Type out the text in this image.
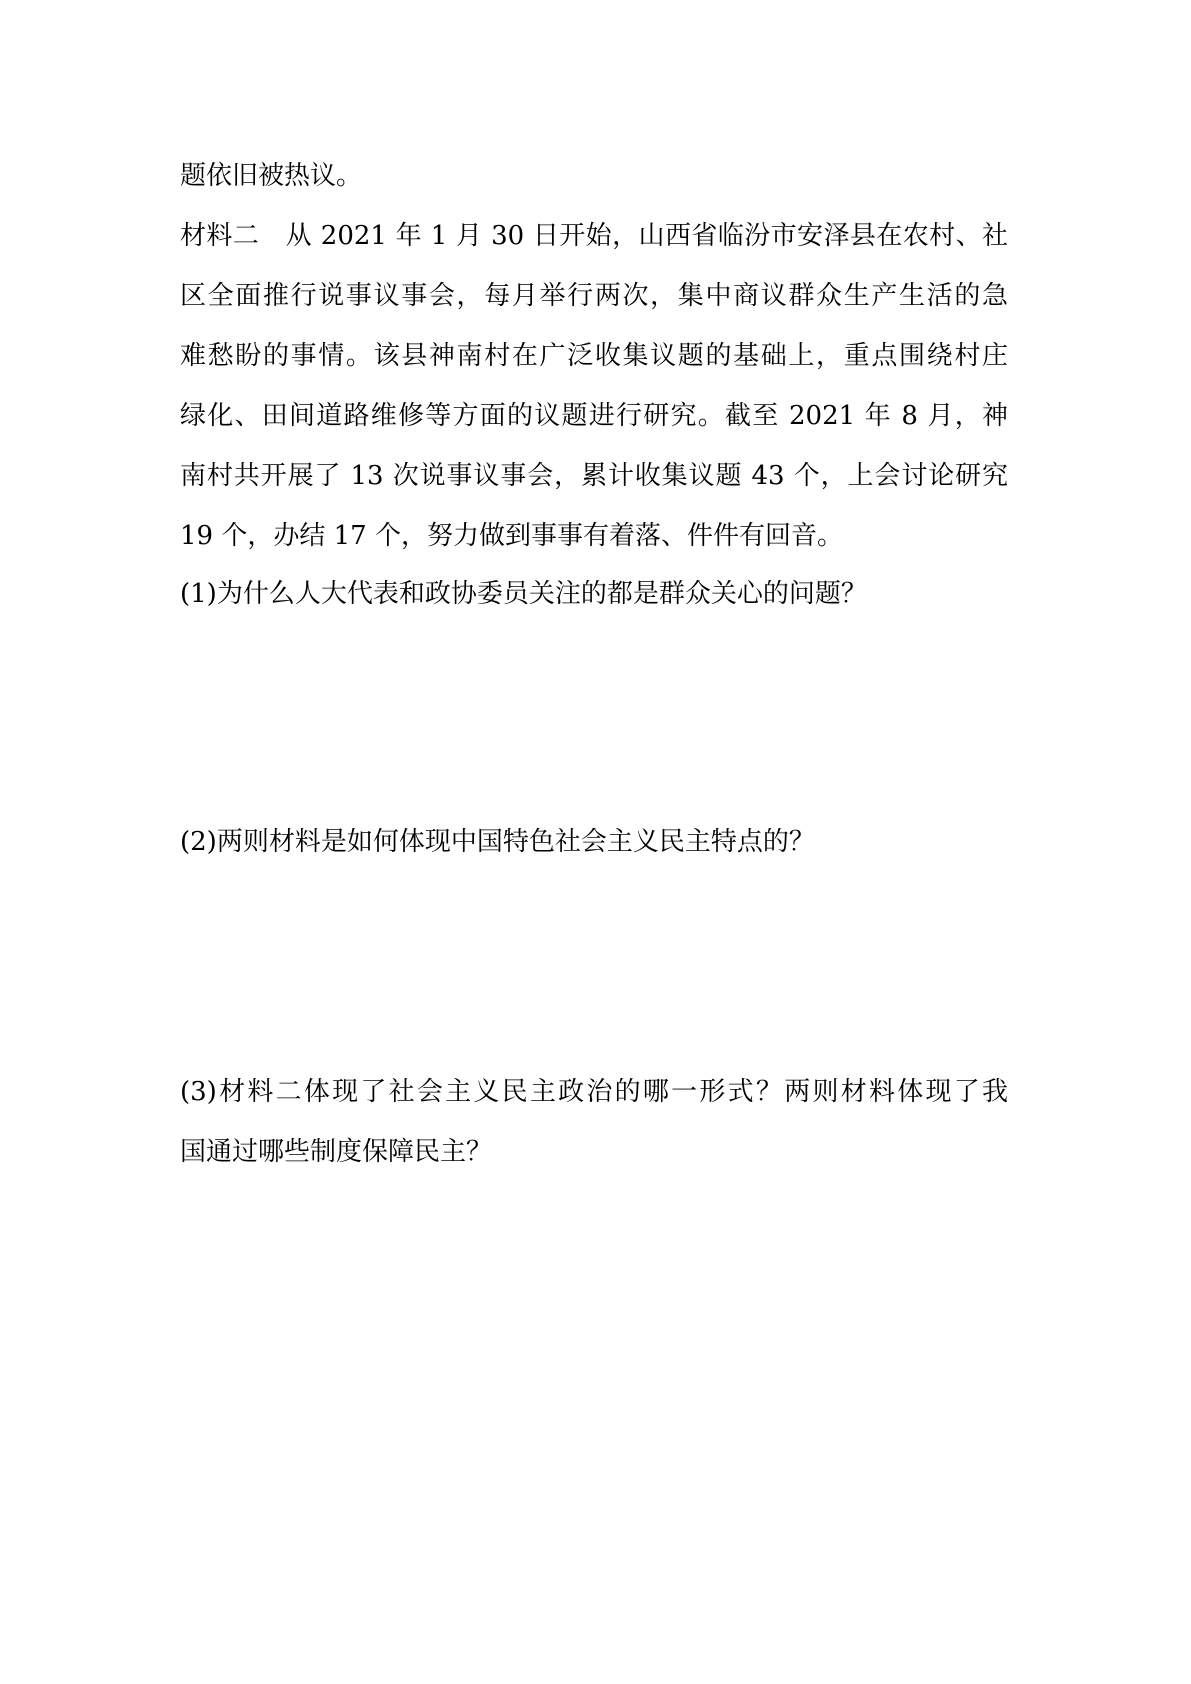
题依旧被热议。
材料二　从 2021 年 1 月 30 日开始，山西省临汾市安泽县在农村、社
区全面推行说事议事会，每月举行两次，集中商议群众生产生活的急
难愁盼的事情。该县神南村在广泛收集议题的基础上，重点围绕村庄
绿化、田间道路维修等方面的议题进行研究。截至 2021 年 8 月，神
南村共开展了 13 次说事议事会，累计收集议题 43 个，上会讨论研究
19 个，办结 17 个，努力做到事事有着落、件件有回音。
(1)为什么人大代表和政协委员关注的都是群众关心的问题？
(2)两则材料是如何体现中国特色社会主义民主特点的？
(3)材料二体现了社会主义民主政治的哪一形式？两则材料体现了我
国通过哪些制度保障民主？
